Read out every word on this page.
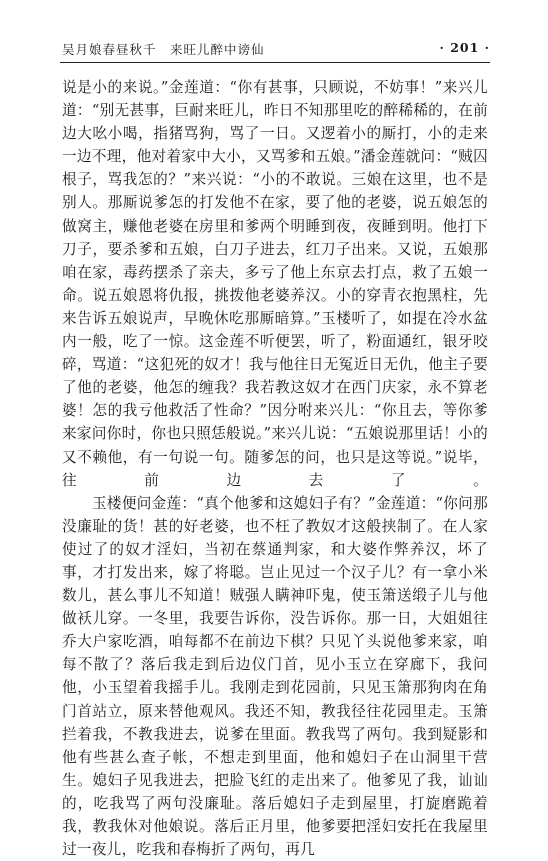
吴月娘春昼秋千　来旺儿醉中谤仙	· 201 ·

说是小的来说。”金莲道：“你有甚事，只顾说，不妨事！”来兴儿道：“别无甚事，巨耐来旺儿，昨日不知那里吃的醉稀稀的，在前边大吆小喝，指猪骂狗，骂了一日。又逻着小的厮打，小的走来一边不理，他对着家中大小，又骂爹和五娘。”潘金莲就问：“贼囚根子，骂我怎的？”来兴说：“小的不敢说。三娘在这里，也不是别人。那厮说爹怎的打发他不在家，要了他的老婆，说五娘怎的做窝主，赚他老婆在房里和爹两个明睡到夜，夜睡到明。他打下刀子，要杀爹和五娘，白刀子进去，红刀子出来。又说，五娘那咱在家，毒药摆杀了亲夫，多亏了他上东京去打点，救了五娘一命。说五娘恩将仇报，挑拨他老婆养汉。小的穿青衣抱黑柱，先来告诉五娘说声，早晚休吃那厮暗算。”玉楼听了，如提在冷水盆内一般，吃了一惊。这金莲不听便罢，听了，粉面通红，银牙咬碎，骂道：“这犯死的奴才！我与他往日无冤近日无仇，他主子要了他的老婆，他怎的缠我？我若教这奴才在西门庆家，永不算老婆！怎的我亏他救活了性命？”因分咐来兴儿：“你且去，等你爹来家问你时，你也只照恁般说。”来兴儿说：“五娘说那里话！小的又不赖他，有一句说一句。随爹怎的问，也只是这等说。”说毕，往前边去了。

玉楼便问金莲：“真个他爹和这媳妇子有？”金莲道：“你问那没廉耻的货！甚的好老婆，也不枉了教奴才这般挟制了。在人家使过了的奴才淫妇，当初在蔡通判家，和大婆作弊养汉，坏了事，才打发出来，嫁了将聪。岂止见过一个汉子儿？有一拿小米数儿，甚么事儿不知道！贼强人瞒神吓鬼，使玉箫送缎子儿与他做袄儿穿。一冬里，我要告诉你，没告诉你。那一日，大姐姐往乔大户家吃酒，咱每都不在前边下棋？只见丫头说他爹来家，咱每不散了？落后我走到后边仪门首，见小玉立在穿廊下，我问他，小玉望着我摇手儿。我刚走到花园前，只见玉箫那狗肉在角门首站立，原来替他观风。我还不知，教我径往花园里走。玉箫拦着我，不教我进去，说爹在里面。教我骂了两句。我到疑影和他有些甚么查子帐，不想走到里面，他和媳妇子在山洞里干营生。媳妇子见我进去，把脸飞红的走出来了。他爹见了我，讪讪的，吃我骂了两句没廉耻。落后媳妇子走到屋里，打旋磨跪着我，教我休对他娘说。落后正月里，他爹要把淫妇安托在我屋里过一夜儿，吃我和春梅折了两句，再几
